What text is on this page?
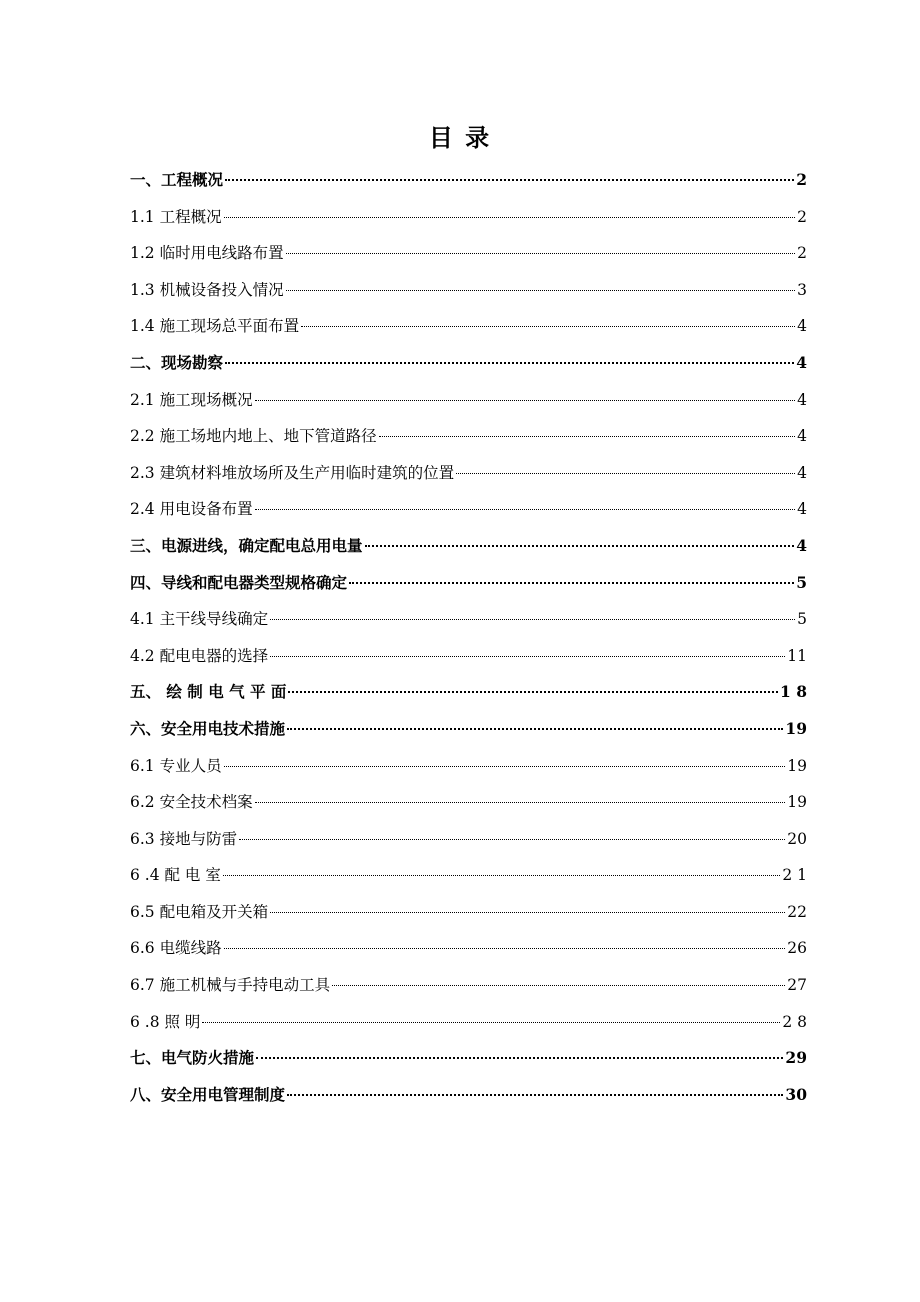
目 录
一、工程概况	2
1.1 工程概况	2
1.2 临时用电线路布置	2
1.3 机械设备投入情况	3
1.4 施工现场总平面布置	4
二、现场勘察	4
2.1 施工现场概况	4
2.2 施工场地内地上、地下管道路径	4
2.3 建筑材料堆放场所及生产用临时建筑的位置	4
2.4 用电设备布置	4
三、电源进线，确定配电总用电量	4
四、导线和配电器类型规格确定	5
4.1 主干线导线确定	5
4.2 配电电器的选择	11
五、 绘 制 电 气 平 面	1 8
六、安全用电技术措施	19
6.1 专业人员	19
6.2 安全技术档案	19
6.3 接地与防雷	20
6 .4 配 电 室	2 1
6.5 配电箱及开关箱	22
6.6 电缆线路	26
6.7 施工机械与手持电动工具	27
6 .8 照 明	2 8
七、电气防火措施	29
八、安全用电管理制度	30
